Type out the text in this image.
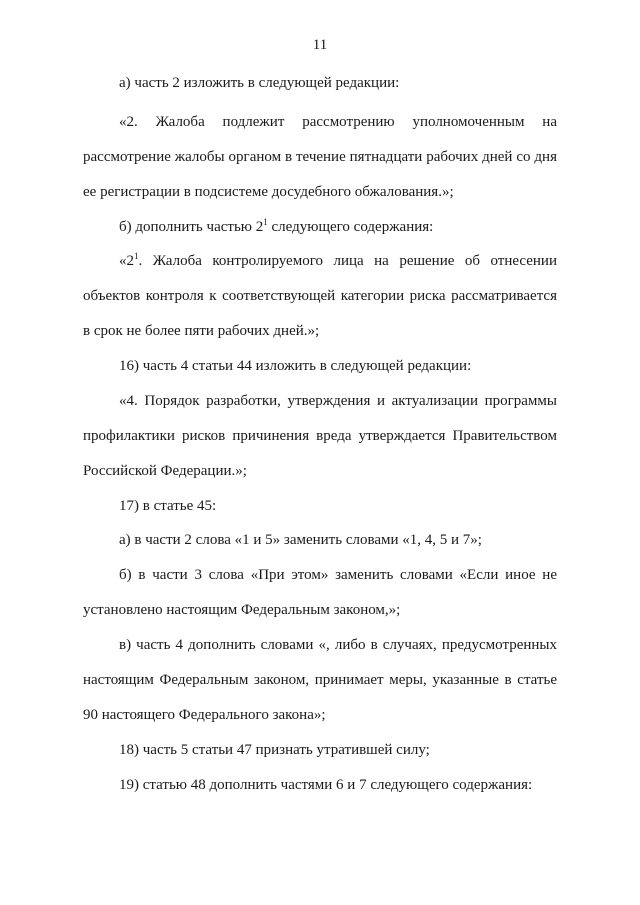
11

а) часть 2 изложить в следующей редакции:

«2. Жалоба подлежит рассмотрению уполномоченным на рассмотрение жалобы органом в течение пятнадцати рабочих дней со дня ее регистрации в подсистеме досудебного обжалования.»;

б) дополнить частью $2^1$ следующего содержания:

«$2^1$. Жалоба контролируемого лица на решение об отнесении объектов контроля к соответствующей категории риска рассматривается в срок не более пяти рабочих дней.»;

16) часть 4 статьи 44 изложить в следующей редакции:

«4. Порядок разработки, утверждения и актуализации программы профилактики рисков причинения вреда утверждается Правительством Российской Федерации.»;

17) в статье 45:

а) в части 2 слова «1 и 5» заменить словами «1, 4, 5 и 7»;

б) в части 3 слова «При этом» заменить словами «Если иное не установлено настоящим Федеральным законом,»;

в) часть 4 дополнить словами «, либо в случаях, предусмотренных настоящим Федеральным законом, принимает меры, указанные в статье 90 настоящего Федерального закона»;

18) часть 5 статьи 47 признать утратившей силу;

19) статью 48 дополнить частями 6 и 7 следующего содержания:
